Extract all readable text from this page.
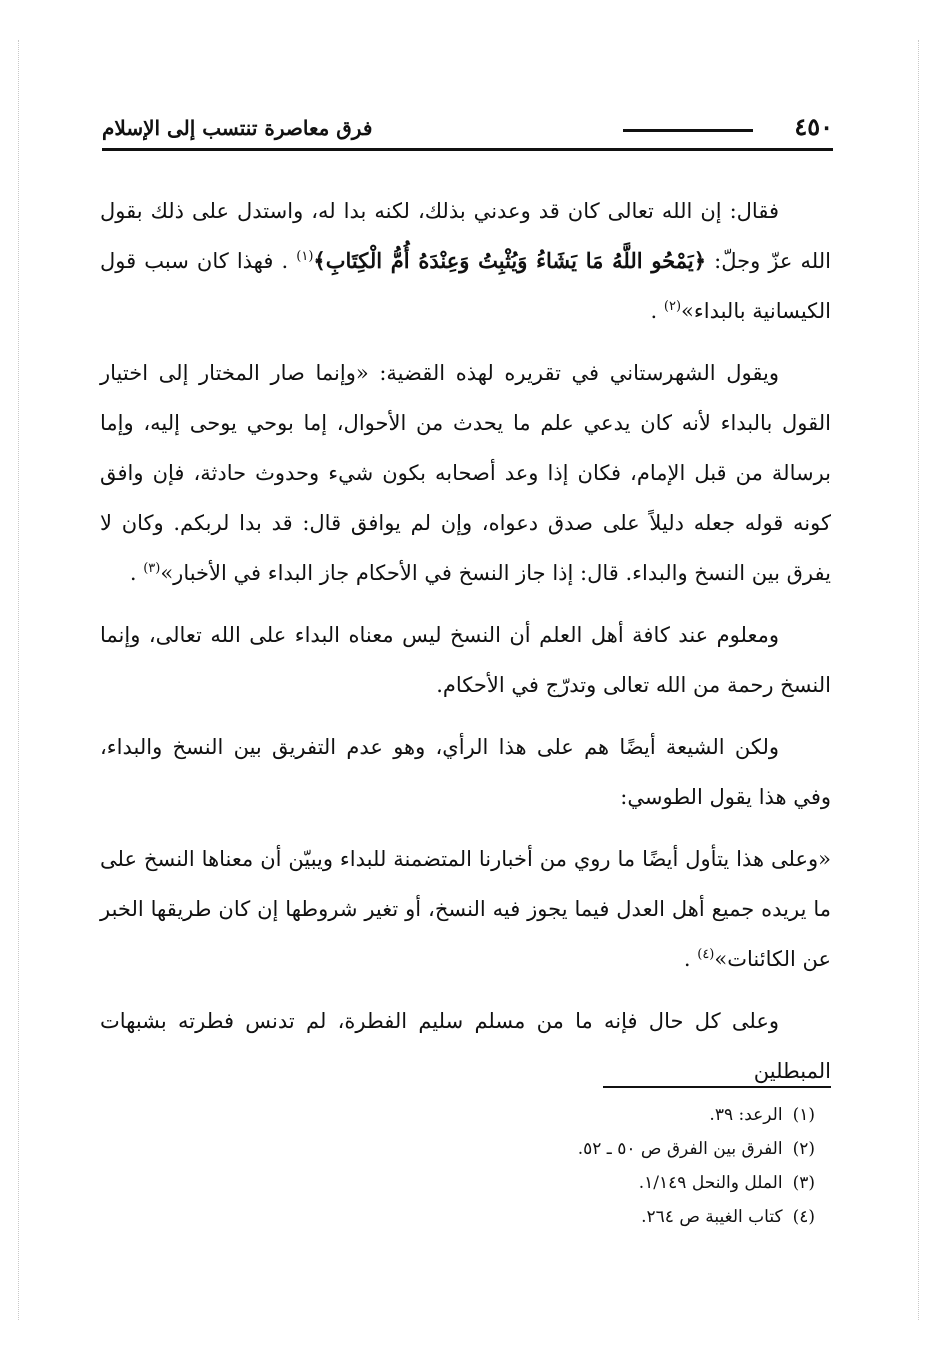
٤٥٠
فرق معاصرة تنتسب إلى الإسلام

فقال: إن الله تعالى كان قد وعدني بذلك، لكنه بدا له، واستدل على ذلك بقول الله عزّ وجلّ: ﴿يَمْحُو اللَّهُ مَا يَشَاءُ وَيُثْبِتُ وَعِنْدَهُ أُمُّ الْكِتَابِ﴾$^{(١)}$ . فهذا كان سبب قول الكيسانية بالبداء»$^{(٢)}$ .

ويقول الشهرستاني في تقريره لهذه القضية: «وإنما صار المختار إلى اختيار القول بالبداء لأنه كان يدعي علم ما يحدث من الأحوال، إما بوحي يوحى إليه، وإما برسالة من قبل الإمام، فكان إذا وعد أصحابه بكون شيء وحدوث حادثة، فإن وافق كونه قوله جعله دليلاً على صدق دعواه، وإن لم يوافق قال: قد بدا لربكم. وكان لا يفرق بين النسخ والبداء. قال: إذا جاز النسخ في الأحكام جاز البداء في الأخبار»$^{(٣)}$ .

ومعلوم عند كافة أهل العلم أن النسخ ليس معناه البداء على الله تعالى، وإنما النسخ رحمة من الله تعالى وتدرّج في الأحكام.

ولكن الشيعة أيضًا هم على هذا الرأي، وهو عدم التفريق بين النسخ والبداء، وفي هذا يقول الطوسي:

«وعلى هذا يتأول أيضًا ما روي من أخبارنا المتضمنة للبداء ويبيّن أن معناها النسخ على ما يريده جميع أهل العدل فيما يجوز فيه النسخ، أو تغير شروطها إن كان طريقها الخبر عن الكائنات»$^{(٤)}$ .

وعلى كل حال فإنه ما من مسلم سليم الفطرة، لم تدنس فطرته بشبهات المبطلين

(١)الرعد: ٣٩.
(٢)الفرق بين الفرق ص ٥٠ ـ ٥٢.
(٣)الملل والنحل ١/١٤٩.
(٤)كتاب الغيبة ص ٢٦٤.
